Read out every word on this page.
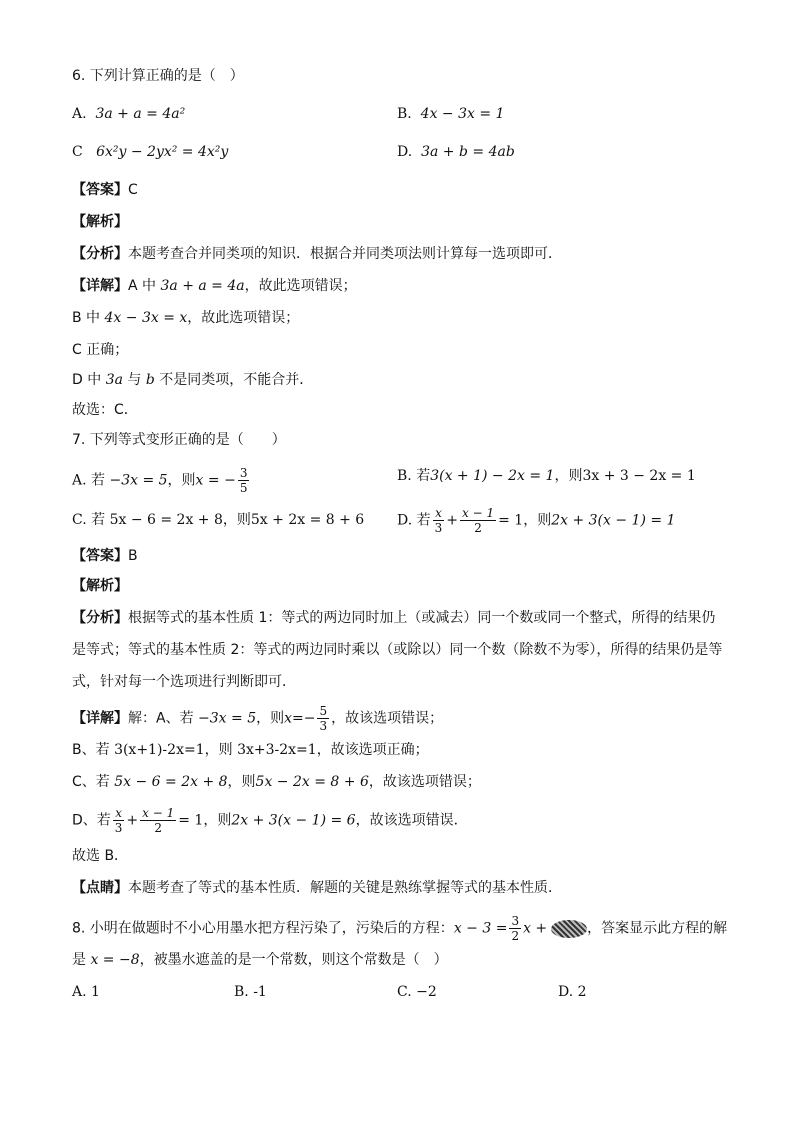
6. 下列计算正确的是（　）
A. 3a + a = 4a²	B. 4x − 3x = 1
C 6x²y − 2yx² = 4x²y	D. 3a + b = 4ab
【答案】C
【解析】
【分析】本题考查合并同类项的知识．根据合并同类项法则计算每一选项即可．
【详解】A 中 3a + a = 4a，故此选项错误；
B 中 4x − 3x = x，故此选项错误；
C 正确；
D 中 3a 与 b 不是同类项，不能合并．
故选：C．
7. 下列等式变形正确的是（　　）
A. 若 −3x = 5，则x = − $\frac{3}{5}$	B. 若3(x + 1) − 2x = 1，则3x + 3 − 2x = 1
C. 若 5x − 6 = 2x + 8，则5x + 2x = 8 + 6 D. 若 $\frac{x}{3} + \frac{x - 1}{2} = 1$，则2x + 3(x − 1) = 1
【答案】B
【解析】
【分析】根据等式的基本性质 1：等式的两边同时加上（或减去）同一个数或同一个整式，所得的结果仍
是等式；等式的基本性质 2：等式的两边同时乘以（或除以）同一个数（除数不为零），所得的结果仍是等
式，针对每一个选项进行判断即可．
【详解】解：A、若 −3x = 5，则$x=- \frac{5}{3}$ ，故该选项错误；
B、若 3(x+1)-2x=1，则 3x+3-2x=1，故该选项正确；
C、若 5x − 6 = 2x + 8，则5x − 2x = 8 + 6，故该选项错误；
D、若 $\frac{x}{3} + \frac{x - 1}{2} = 1$，则2x + 3(x − 1) = 6，故该选项错误．
故选 B．
【点睛】本题考查了等式的基本性质．解题的关键是熟练掌握等式的基本性质．
8. 小明在做题时不小心用墨水把方程污染了，污染后的方程：$x - 3 = \frac{3}{2}$ x +	，答案显示此方程的解
是 x = −8，被墨水遮盖的是一个常数，则这个常数是（　）
A. 1	B. -1	C. −2	D. 2
